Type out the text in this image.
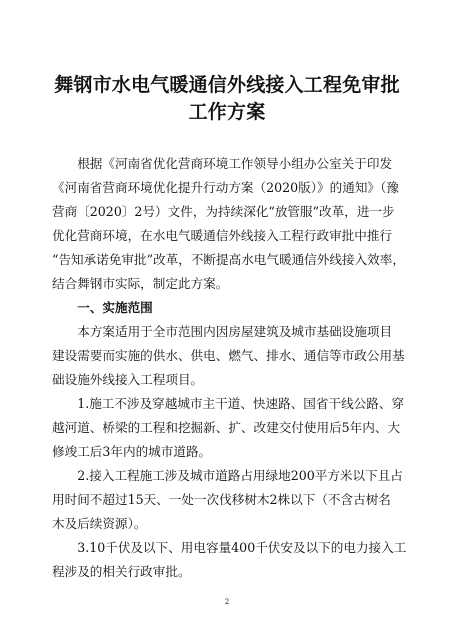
舞钢市水电气暖通信外线接入工程免审批
工作方案

　　根据《河南省优化营商环境工作领导小组办公室关于印发

《河南省营商环境优化提升行动方案（2020版）》的通知》（豫

营商〔2020〕2号）文件，为持续深化“放管服”改革，进一步

优化营商环境，在水电气暖通信外线接入工程行政审批中推行

“告知承诺免审批”改革，不断提高水电气暖通信外线接入效率，

结合舞钢市实际，制定此方案。

　　一、实施范围

　　本方案适用于全市范围内因房屋建筑及城市基础设施项目

建设需要而实施的供水、供电、燃气、排水、通信等市政公用基

础设施外线接入工程项目。

　　1.施工不涉及穿越城市主干道、快速路、国省干线公路、穿

越河道、桥梁的工程和挖掘新、扩、改建交付使用后5年内、大

修竣工后3年内的城市道路。

　　2.接入工程施工涉及城市道路占用绿地200平方米以下且占

用时间不超过15天、一处一次伐移树木2株以下（不含古树名

木及后续资源）。

　　3.10千伏及以下、用电容量400千伏安及以下的电力接入工

程涉及的相关行政审批。

2
